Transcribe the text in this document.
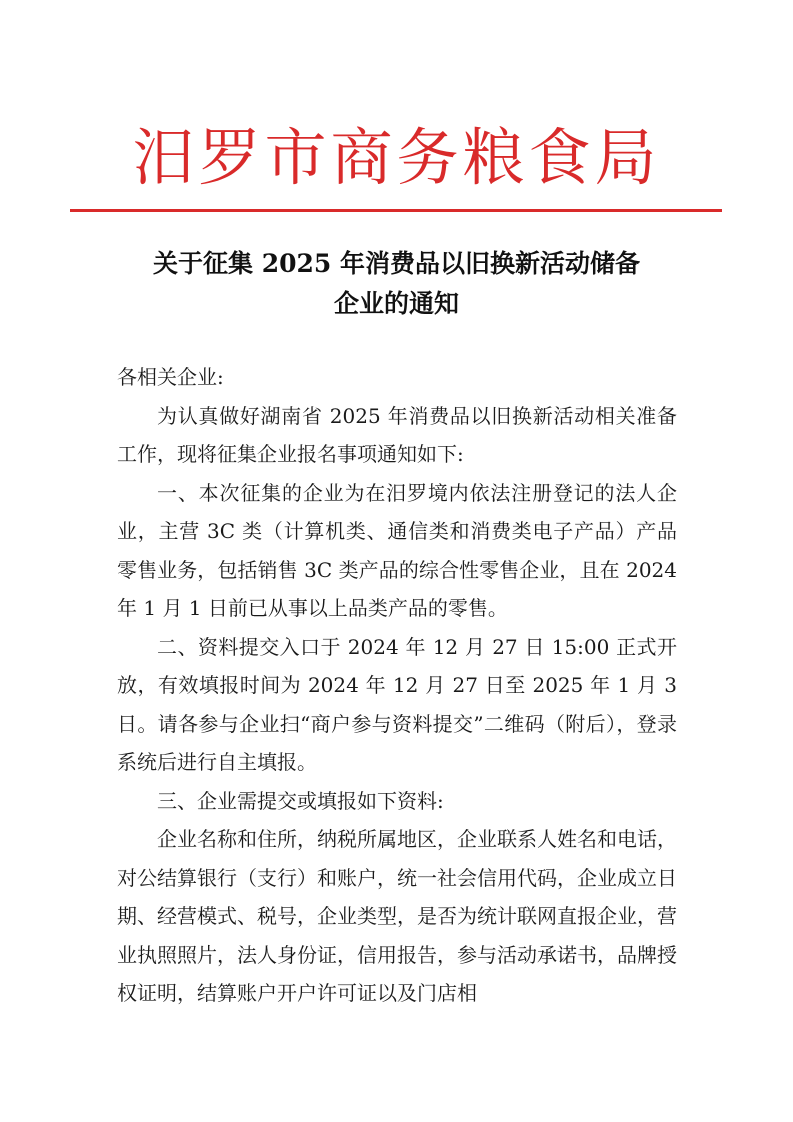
汨罗市商务粮食局
关于征集 2025 年消费品以旧换新活动储备
企业的通知

各相关企业:

为认真做好湖南省 2025 年消费品以旧换新活动相关准备工作，现将征集企业报名事项通知如下:

一、本次征集的企业为在汨罗境内依法注册登记的法人企业，主营 3C 类（计算机类、通信类和消费类电子产品）产品零售业务，包括销售 3C 类产品的综合性零售企业，且在 2024 年 1 月 1 日前已从事以上品类产品的零售。

二、资料提交入口于 2024 年 12 月 27 日 15:00 正式开放，有效填报时间为 2024 年 12 月 27 日至 2025 年 1 月 3 日。请各参与企业扫“商户参与资料提交”二维码（附后），登录系统后进行自主填报。

三、企业需提交或填报如下资料:

企业名称和住所，纳税所属地区，企业联系人姓名和电话，对公结算银行（支行）和账户，统一社会信用代码，企业成立日期、经营模式、税号，企业类型，是否为统计联网直报企业，营业执照照片，法人身份证，信用报告，参与活动承诺书，品牌授权证明，结算账户开户许可证以及门店相
